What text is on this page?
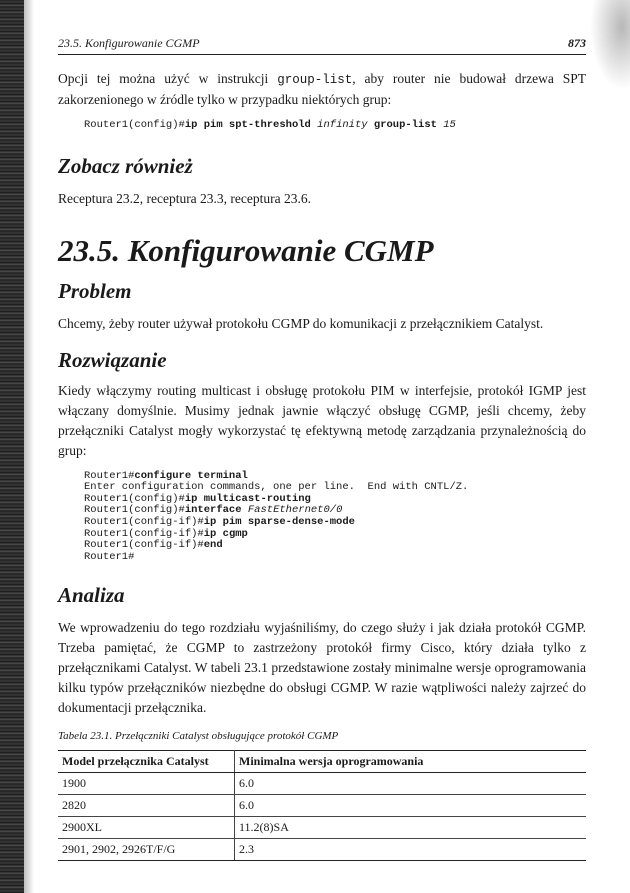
23.5. Konfigurowanie CGMP	873

Opcji tej można użyć w instrukcji group-list, aby router nie budował drzewa SPT zakorzenionego w źródle tylko w przypadku niektórych grup:

Router1(config)#ip pim spt-threshold infinity group-list 15
Zobacz również

Receptura 23.2, receptura 23.3, receptura 23.6.

23.5. Konfigurowanie CGMP
Problem

Chcemy, żeby router używał protokołu CGMP do komunikacji z przełącznikiem Catalyst.

Rozwiązanie

Kiedy włączymy routing multicast i obsługę protokołu PIM w interfejsie, protokół IGMP jest włączany domyślnie. Musimy jednak jawnie włączyć obsługę CGMP, jeśli chcemy, żeby przełączniki Catalyst mogły wykorzystać tę efektywną metodę zarządzania przynależnością do grup:

Router1#configure terminal
Enter configuration commands, one per line.  End with CNTL/Z.
Router1(config)#ip multicast-routing
Router1(config)#interface FastEthernet0/0
Router1(config-if)#ip pim sparse-dense-mode
Router1(config-if)#ip cgmp
Router1(config-if)#end
Router1#
Analiza

We wprowadzeniu do tego rozdziału wyjaśniliśmy, do czego służy i jak działa protokół CGMP. Trzeba pamiętać, że CGMP to zastrzeżony protokół firmy Cisco, który działa tylko z przełącznikami Catalyst. W tabeli 23.1 przedstawione zostały minimalne wersje oprogramowania kilku typów przełączników niezbędne do obsługi CGMP. W razie wątpliwości należy zajrzeć do dokumentacji przełącznika.

Tabela 23.1. Przełączniki Catalyst obsługujące protokół CGMP
Model przełącznika Catalyst	Minimalna wersja oprogramowania
1900	6.0
2820	6.0
2900XL	11.2(8)SA
2901, 2902, 2926T/F/G	2.3
